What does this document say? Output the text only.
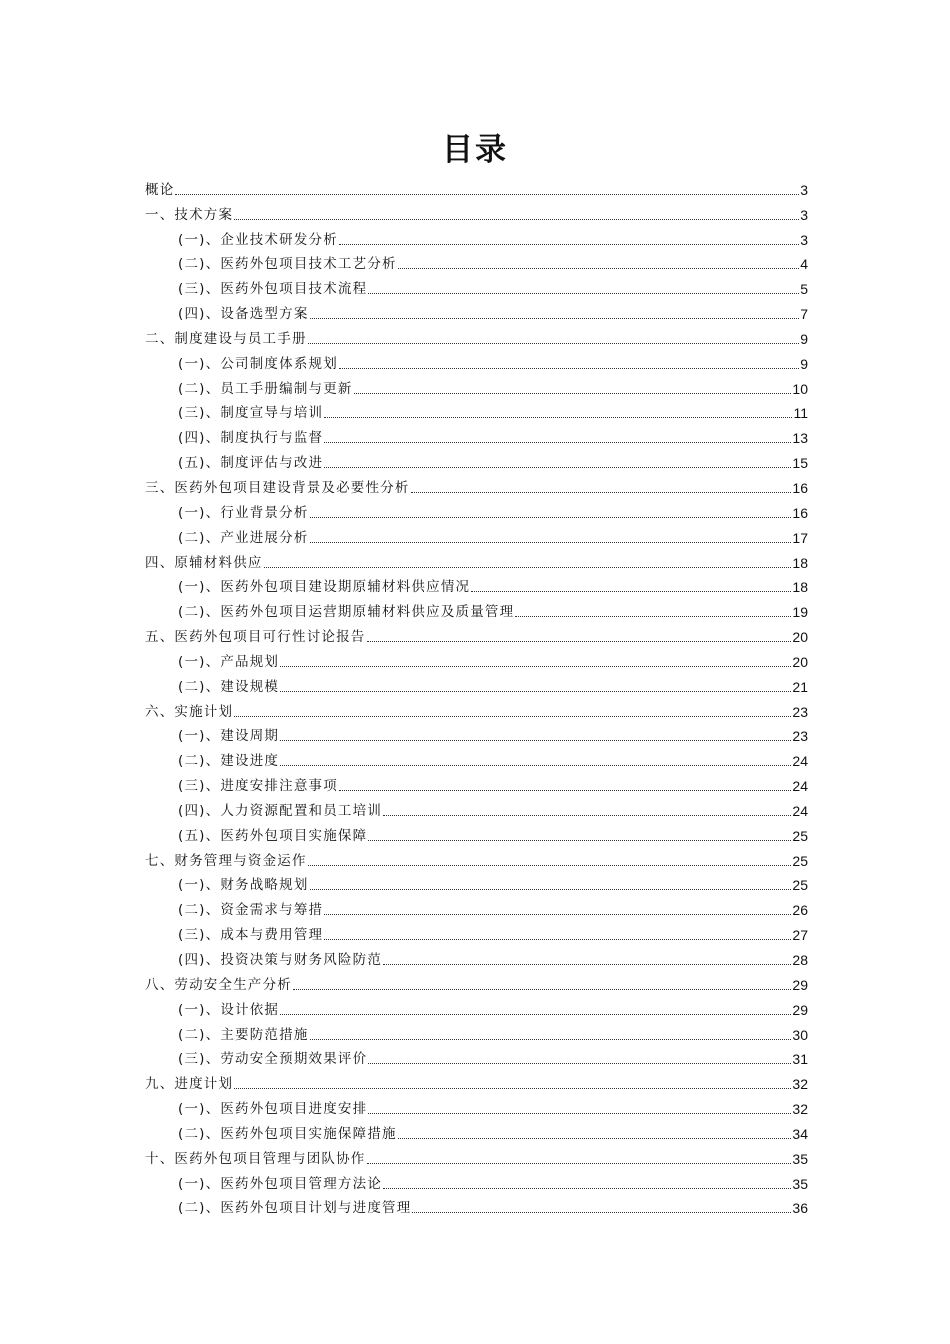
目录
概论	3
一、技术方案	3
(一)、企业技术研发分析	3
(二)、医药外包项目技术工艺分析	4
(三)、医药外包项目技术流程	5
(四)、设备选型方案	7
二、制度建设与员工手册	9
(一)、公司制度体系规划	9
(二)、员工手册编制与更新	10
(三)、制度宣导与培训	11
(四)、制度执行与监督	13
(五)、制度评估与改进	15
三、医药外包项目建设背景及必要性分析	16
(一)、行业背景分析	16
(二)、产业进展分析	17
四、原辅材料供应	18
(一)、医药外包项目建设期原辅材料供应情况	18
(二)、医药外包项目运营期原辅材料供应及质量管理	19
五、医药外包项目可行性讨论报告	20
(一)、产品规划	20
(二)、建设规模	21
六、实施计划	23
(一)、建设周期	23
(二)、建设进度	24
(三)、进度安排注意事项	24
(四)、人力资源配置和员工培训	24
(五)、医药外包项目实施保障	25
七、财务管理与资金运作	25
(一)、财务战略规划	25
(二)、资金需求与筹措	26
(三)、成本与费用管理	27
(四)、投资决策与财务风险防范	28
八、劳动安全生产分析	29
(一)、设计依据	29
(二)、主要防范措施	30
(三)、劳动安全预期效果评价	31
九、进度计划	32
(一)、医药外包项目进度安排	32
(二)、医药外包项目实施保障措施	34
十、医药外包项目管理与团队协作	35
(一)、医药外包项目管理方法论	35
(二)、医药外包项目计划与进度管理	36
